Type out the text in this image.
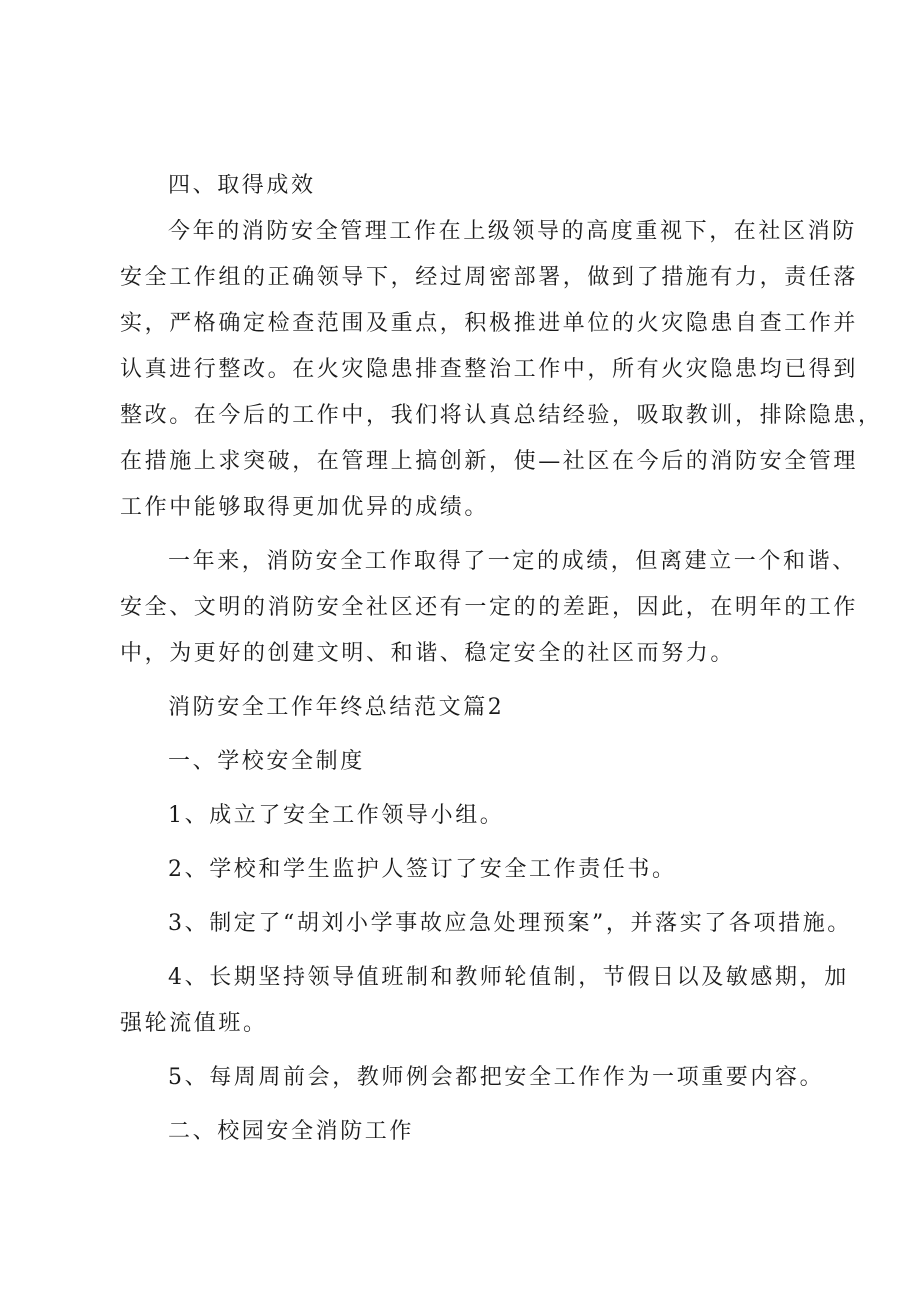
四、取得成效

今年的消防安全管理工作在上级领导的高度重视下，在社区消防
安全工作组的正确领导下，经过周密部署，做到了措施有力，责任落
实，严格确定检查范围及重点，积极推进单位的火灾隐患自查工作并
认真进行整改。在火灾隐患排查整治工作中，所有火灾隐患均已得到
整改。在今后的工作中，我们将认真总结经验，吸取教训，排除隐患，
在措施上求突破，在管理上搞创新，使—社区在今后的消防安全管理
工作中能够取得更加优异的成绩。
一年来，消防安全工作取得了一定的成绩，但离建立一个和谐、
安全、文明的消防安全社区还有一定的的差距，因此，在明年的工作
中，为更好的创建文明、和谐、稳定安全的社区而努力。

消防安全工作年终总结范文篇2

一、学校安全制度

1、成立了安全工作领导小组。

2、学校和学生监护人签订了安全工作责任书。

3、制定了“胡刘小学事故应急处理预案”，并落实了各项措施。

4、长期坚持领导值班制和教师轮值制，节假日以及敏感期，加
强轮流值班。

5、每周周前会，教师例会都把安全工作作为一项重要内容。

二、校园安全消防工作
